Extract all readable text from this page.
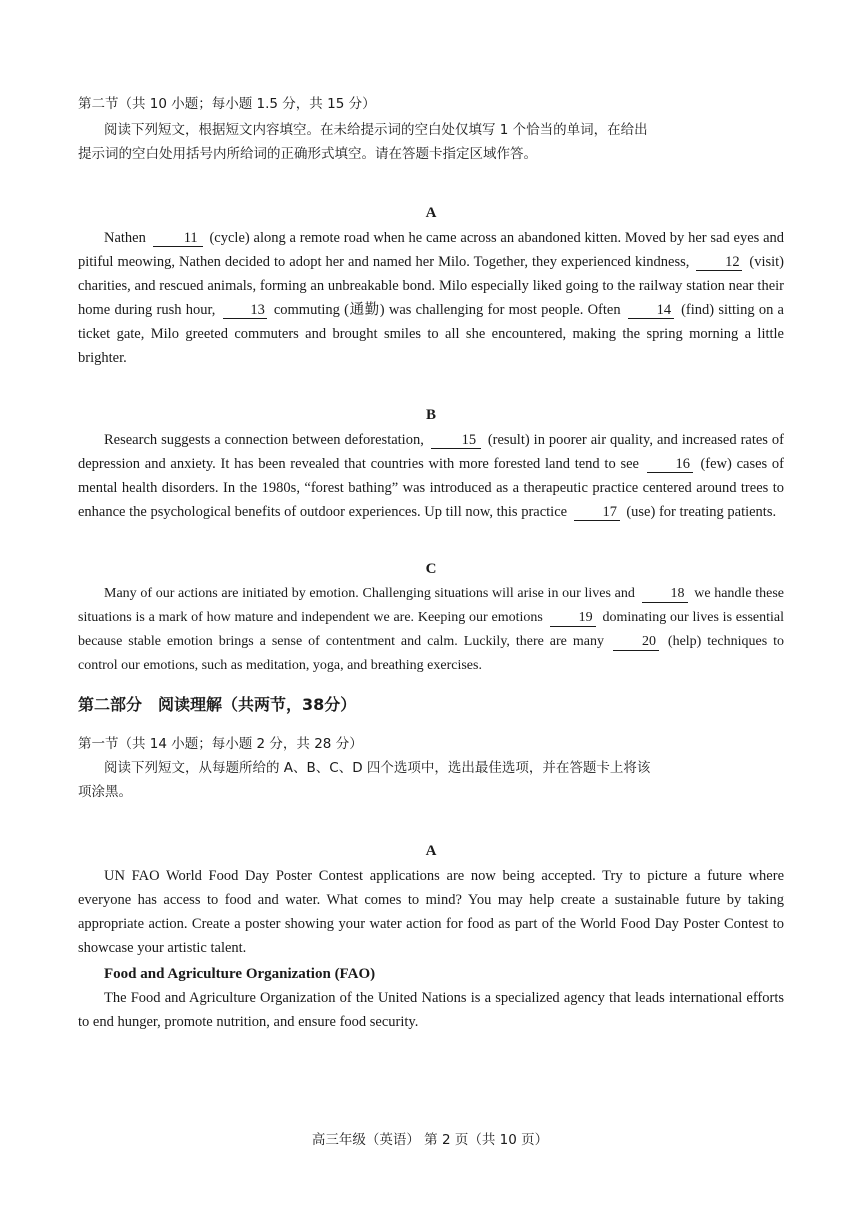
第二节（共 10 小题；每小题 1.5 分，共 15 分）
阅读下列短文，根据短文内容填空。在未给提示词的空白处仅填写 1 个恰当的单词，在给出
提示词的空白处用括号内所给词的正确形式填空。请在答题卡指定区域作答。

A

Nathen	11 (cycle) along a remote road when he came across an abandoned kitten. Moved by her sad eyes and pitiful meowing, Nathen decided to adopt her and named her Milo. Together, they experienced kindness, 12 (visit) charities, and rescued animals, forming an unbreakable bond. Milo especially liked going to the railway station near their home during rush hour, 13 commuting (通勤) was challenging for most people. Often 14 (find) sitting on a ticket gate, Milo greeted commuters and brought smiles to all she encountered, making the spring morning a little brighter.

B

Research suggests a connection between deforestation,	15 (result) in poorer air quality, and increased rates of depression and anxiety. It has been revealed that countries with more forested land tend to see	16 (few) cases of mental health disorders. In the 1980s, “forest bathing” was introduced as a therapeutic practice centered around trees to enhance the psychological benefits of outdoor experiences. Up till now, this practice 17 (use) for treating patients.

C

Many of our actions are initiated by emotion. Challenging situations will arise in our lives and	18 we handle these situations is a mark of how mature and independent we are. Keeping our emotions	19 dominating our lives is essential because stable emotion brings a sense of contentment and calm. Luckily, there are many	20 (help) techniques to control our emotions, such as meditation, yoga, and breathing exercises.

第二部分　阅读理解（共两节，38分）
第一节（共 14 小题；每小题 2 分，共 28 分）
阅读下列短文，从每题所给的 A、B、C、D 四个选项中，选出最佳选项，并在答题卡上将该
项涂黑。

A

UN FAO World Food Day Poster Contest applications are now being accepted. Try to picture a future where everyone has access to food and water. What comes to mind? You may help create a sustainable future by taking appropriate action. Create a poster showing your water action for food as part of the World Food Day Poster Contest to showcase your artistic talent.

Food and Agriculture Organization (FAO)

The Food and Agriculture Organization of the United Nations is a specialized agency that leads international efforts to end hunger, promote nutrition, and ensure food security.

高三年级（英语） 第 2 页（共 10 页）
